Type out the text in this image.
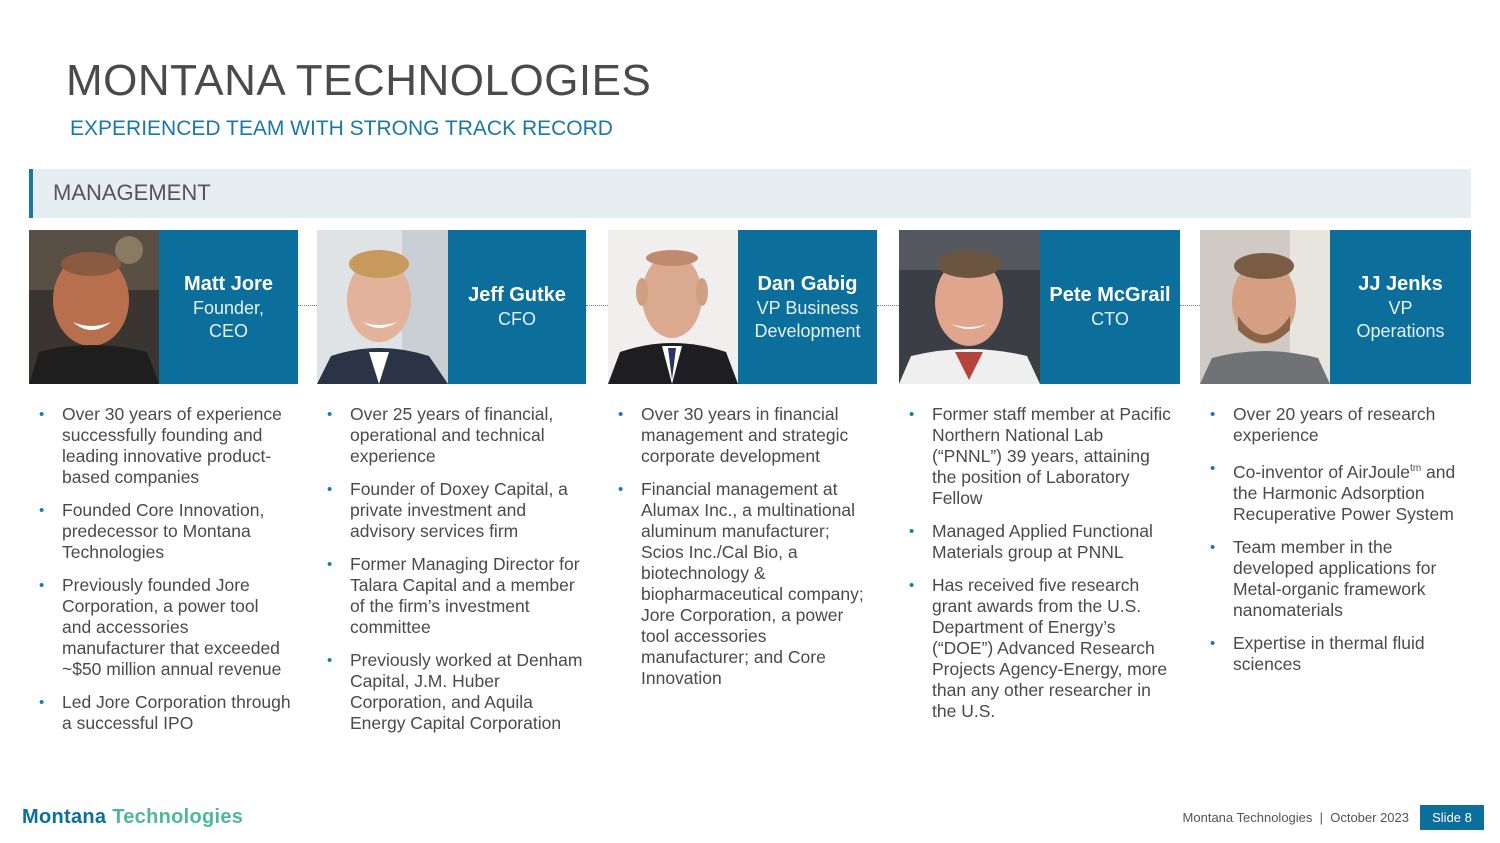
MONTANA TECHNOLOGIES
EXPERIENCED TEAM WITH STRONG TRACK RECORD
MANAGEMENT
Matt Jore
Founder,
CEO
Jeff Gutke
CFO
Dan Gabig
VP Business
Development
Pete McGrail
CTO
JJ Jenks
VP
Operations
• Over 30 years of experience successfully founding and leading innovative product-based companies
• Founded Core Innovation, predecessor to Montana Technologies
• Previously founded Jore Corporation, a power tool and accessories manufacturer that exceeded ~$50 million annual revenue
• Led Jore Corporation through a successful IPO
• Over 25 years of financial, operational and technical experience
• Founder of Doxey Capital, a private investment and advisory services firm
• Former Managing Director for Talara Capital and a member of the firm’s investment committee
• Previously worked at Denham Capital, J.M. Huber Corporation, and Aquila Energy Capital Corporation
• Over 30 years in financial management and strategic corporate development
• Financial management at Alumax Inc., a multinational aluminum manufacturer; Scios Inc./Cal Bio, a biotechnology & biopharmaceutical company; Jore Corporation, a power tool accessories manufacturer; and Core Innovation
• Former staff member at Pacific Northern National Lab (“PNNL”) 39 years, attaining the position of Laboratory Fellow
• Managed Applied Functional Materials group at PNNL
• Has received five research grant awards from the U.S. Department of Energy’s (“DOE”) Advanced Research Projects Agency-Energy, more than any other researcher in the U.S.
• Over 20 years of research experience
• Co-inventor of AirJoule$^{tm}$ and the Harmonic Adsorption Recuperative Power System
• Team member in the developed applications for Metal-organic framework nanomaterials
• Expertise in thermal fluid sciences
Montana Technologies	Montana Technologies  |  October 2023	Slide 8
